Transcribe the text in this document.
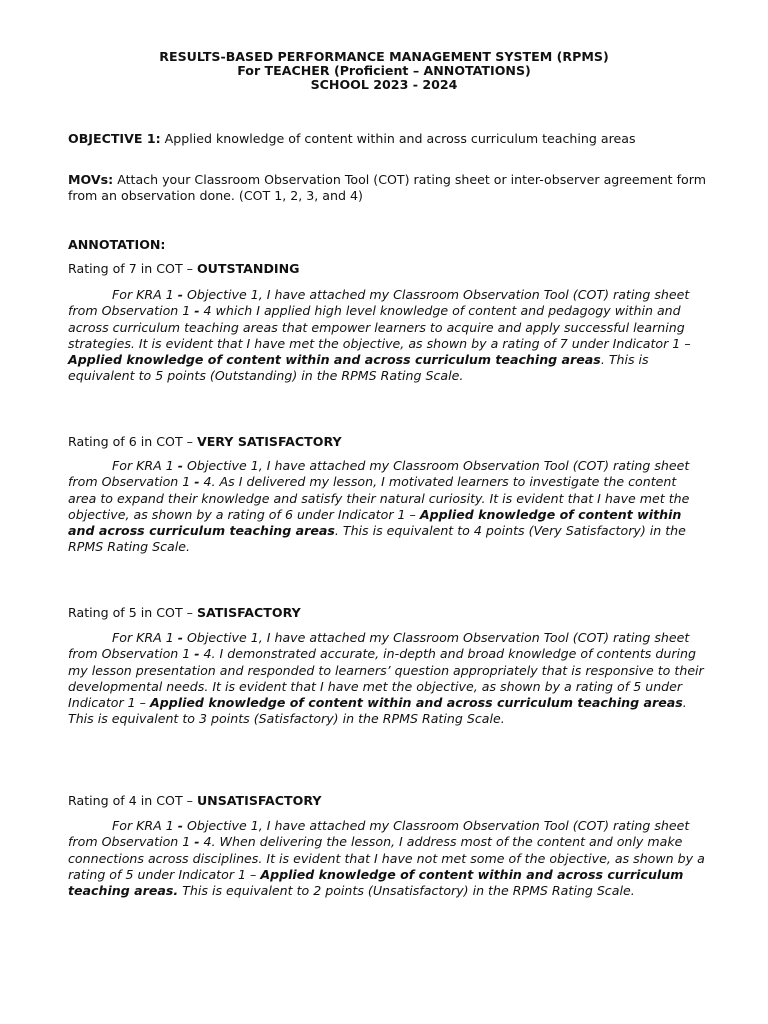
RESULTS-BASED PERFORMANCE MANAGEMENT SYSTEM (RPMS)
For TEACHER (Proficient – ANNOTATIONS)
SCHOOL 2023 - 2024
OBJECTIVE 1: Applied knowledge of content within and across curriculum teaching areas
MOVs: Attach your Classroom Observation Tool (COT) rating sheet or inter-observer agreement form from an observation done. (COT 1, 2, 3, and 4)
ANNOTATION:
Rating of 7 in COT – OUTSTANDING
For KRA 1 - Objective 1, I have attached my Classroom Observation Tool (COT) rating sheet from Observation 1 - 4 which I applied high level knowledge of content and pedagogy within and across curriculum teaching areas that empower learners to acquire and apply successful learning strategies. It is evident that I have met the objective, as shown by a rating of 7 under Indicator 1 – Applied knowledge of content within and across curriculum teaching areas. This is equivalent to 5 points (Outstanding) in the RPMS Rating Scale.
Rating of 6 in COT – VERY SATISFACTORY
For KRA 1 - Objective 1, I have attached my Classroom Observation Tool (COT) rating sheet from Observation 1 - 4. As I delivered my lesson, I motivated learners to investigate the content area to expand their knowledge and satisfy their natural curiosity. It is evident that I have met the objective, as shown by a rating of 6 under Indicator 1 – Applied knowledge of content within and across curriculum teaching areas. This is equivalent to 4 points (Very Satisfactory) in the RPMS Rating Scale.
Rating of 5 in COT – SATISFACTORY
For KRA 1 - Objective 1, I have attached my Classroom Observation Tool (COT) rating sheet from Observation 1 - 4. I demonstrated accurate, in-depth and broad knowledge of contents during my lesson presentation and responded to learners’ question appropriately that is responsive to their developmental needs. It is evident that I have met the objective, as shown by a rating of 5 under Indicator 1 – Applied knowledge of content within and across curriculum teaching areas. This is equivalent to 3 points (Satisfactory) in the RPMS Rating Scale.
Rating of 4 in COT – UNSATISFACTORY
For KRA 1 - Objective 1, I have attached my Classroom Observation Tool (COT) rating sheet from Observation 1 - 4. When delivering the lesson, I address most of the content and only make connections across disciplines. It is evident that I have not met some of the objective, as shown by a rating of 5 under Indicator 1 – Applied knowledge of content within and across curriculum teaching areas. This is equivalent to 2 points (Unsatisfactory) in the RPMS Rating Scale.
